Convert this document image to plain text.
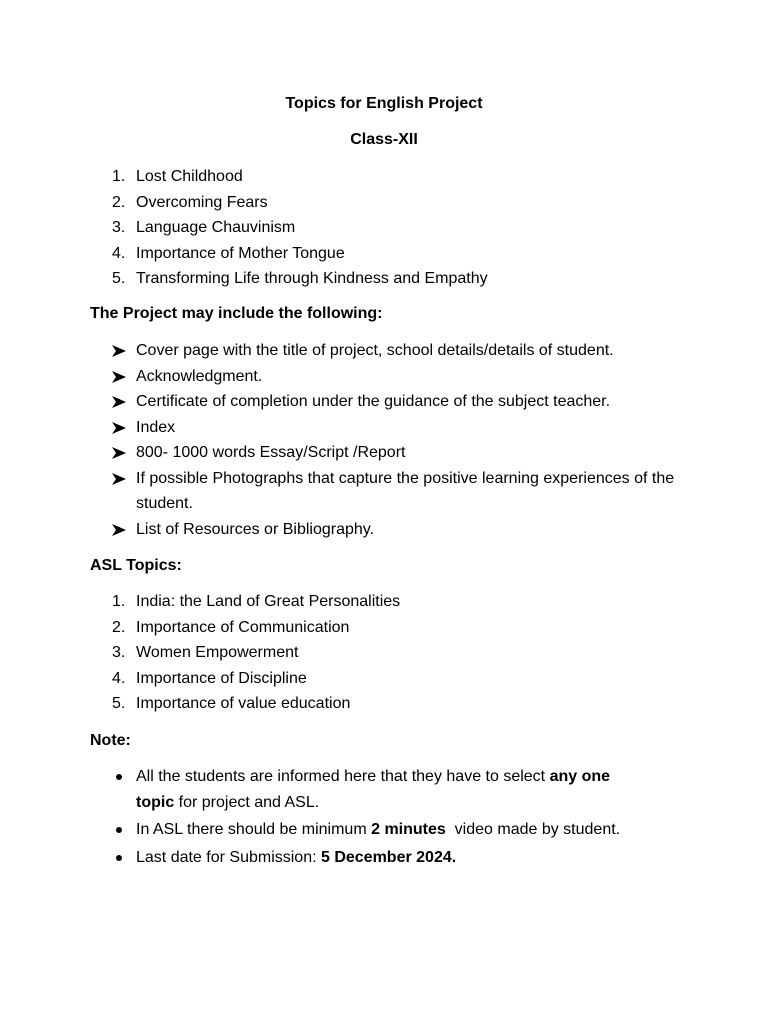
Topics for English Project
Class-XII
1. Lost Childhood
2. Overcoming Fears
3. Language Chauvinism
4. Importance of Mother Tongue
5. Transforming Life through Kindness and Empathy
The Project may include the following:
Cover page with the title of project, school details/details of student.
Acknowledgment.
Certificate of completion under the guidance of the subject teacher.
Index
800- 1000 words Essay/Script /Report
If possible Photographs that capture the positive learning experiences of the student.
List of Resources or Bibliography.
ASL Topics:
1. India: the Land of Great Personalities
2. Importance of Communication
3. Women Empowerment
4. Importance of Discipline
5. Importance of value education
Note:
All the students are informed here that they have to select any one topic for project and ASL.
In ASL there should be minimum 2 minutes  video made by student.
Last date for Submission: 5 December 2024.
